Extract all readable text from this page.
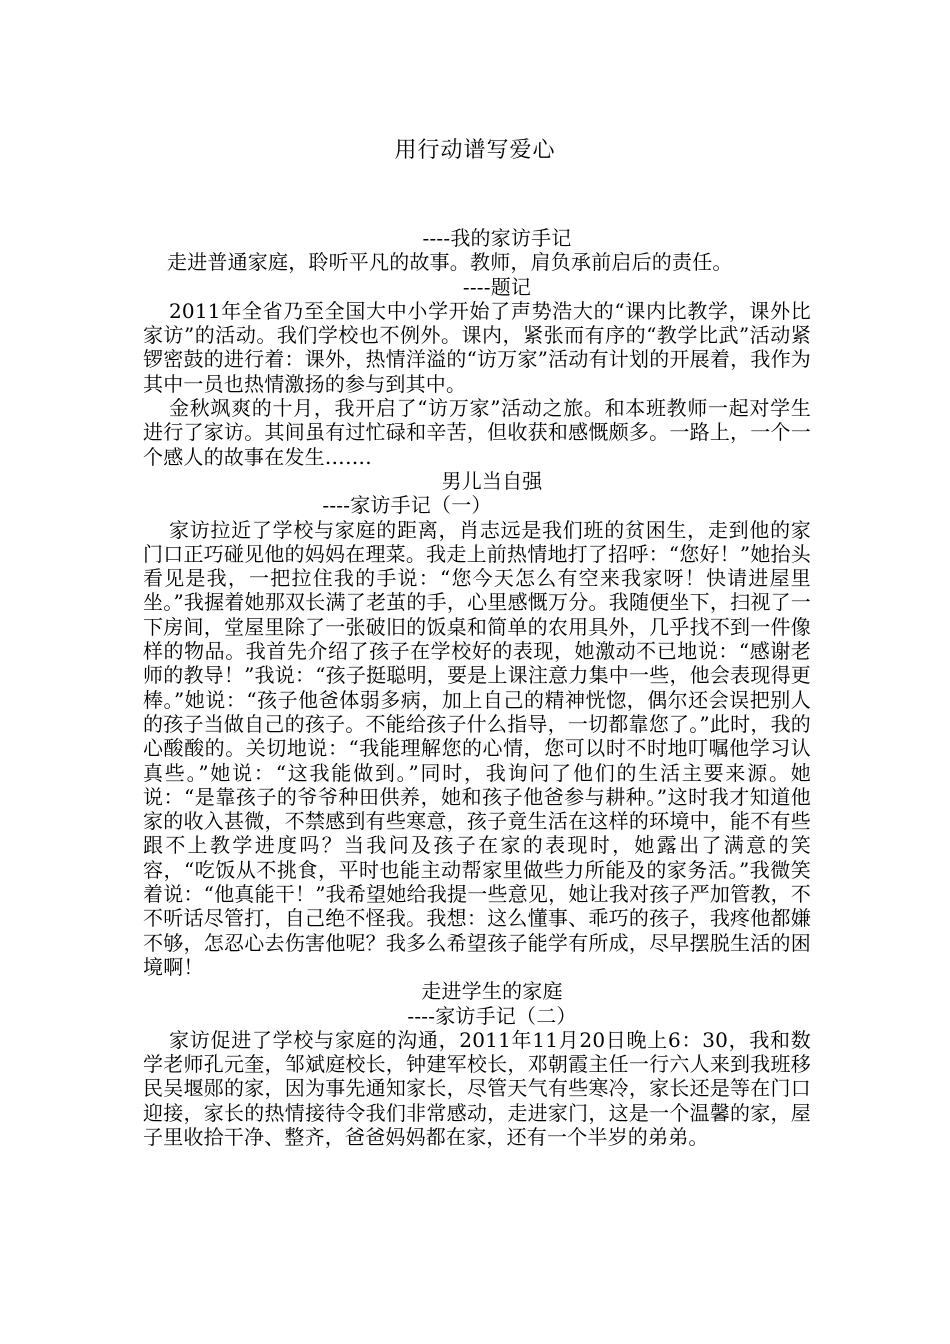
用行动谱写爱心

----我的家访手记

走进普通家庭，聆听平凡的故事。教师，肩负承前启后的责任。

----题记

2011年全省乃至全国大中小学开始了声势浩大的“课内比教学，课外比家访”的活动。我们学校也不例外。课内，紧张而有序的“教学比武”活动紧锣密鼓的进行着：课外，热情洋溢的“访万家”活动有计划的开展着，我作为其中一员也热情激扬的参与到其中。

金秋飒爽的十月，我开启了“访万家”活动之旅。和本班教师一起对学生进行了家访。其间虽有过忙碌和辛苦，但收获和感慨颇多。一路上，一个一个感人的故事在发生…….

男儿当自强

----家访手记（一）

家访拉近了学校与家庭的距离，肖志远是我们班的贫困生，走到他的家门口正巧碰见他的妈妈在理菜。我走上前热情地打了招呼：“您好！”她抬头看见是我，一把拉住我的手说：“您今天怎么有空来我家呀！快请进屋里坐。”我握着她那双长满了老茧的手，心里感慨万分。我随便坐下，扫视了一下房间，堂屋里除了一张破旧的饭桌和简单的农用具外，几乎找不到一件像样的物品。我首先介绍了孩子在学校好的表现，她激动不已地说：“感谢老师的教导！”我说：“孩子挺聪明，要是上课注意力集中一些，他会表现得更棒。”她说：“孩子他爸体弱多病，加上自己的精神恍惚，偶尔还会误把别人的孩子当做自己的孩子。不能给孩子什么指导，一切都靠您了。”此时，我的心酸酸的。关切地说：“我能理解您的心情，您可以时不时地叮嘱他学习认真些。”她说：“这我能做到。”同时，我询问了他们的生活主要来源。她说：“是靠孩子的爷爷种田供养，她和孩子他爸参与耕种。”这时我才知道他家的收入甚微，不禁感到有些寒意，孩子竟生活在这样的环境中，能不有些跟不上教学进度吗？当我问及孩子在家的表现时，她露出了满意的笑容，“吃饭从不挑食，平时也能主动帮家里做些力所能及的家务活。”我微笑着说：“他真能干！”我希望她给我提一些意见，她让我对孩子严加管教，不不听话尽管打，自己绝不怪我。我想：这么懂事、乖巧的孩子，我疼他都嫌不够，怎忍心去伤害他呢？我多么希望孩子能学有所成，尽早摆脱生活的困境啊！

走进学生的家庭

----家访手记（二）

家访促进了学校与家庭的沟通，2011年11月20日晚上6：30，我和数学老师孔元奎，邹斌庭校长，钟建军校长，邓朝霞主任一行六人来到我班移民吴堰郧的家，因为事先通知家长，尽管天气有些寒冷，家长还是等在门口迎接，家长的热情接待令我们非常感动，走进家门，这是一个温馨的家，屋子里收拾干净、整齐，爸爸妈妈都在家，还有一个半岁的弟弟。
